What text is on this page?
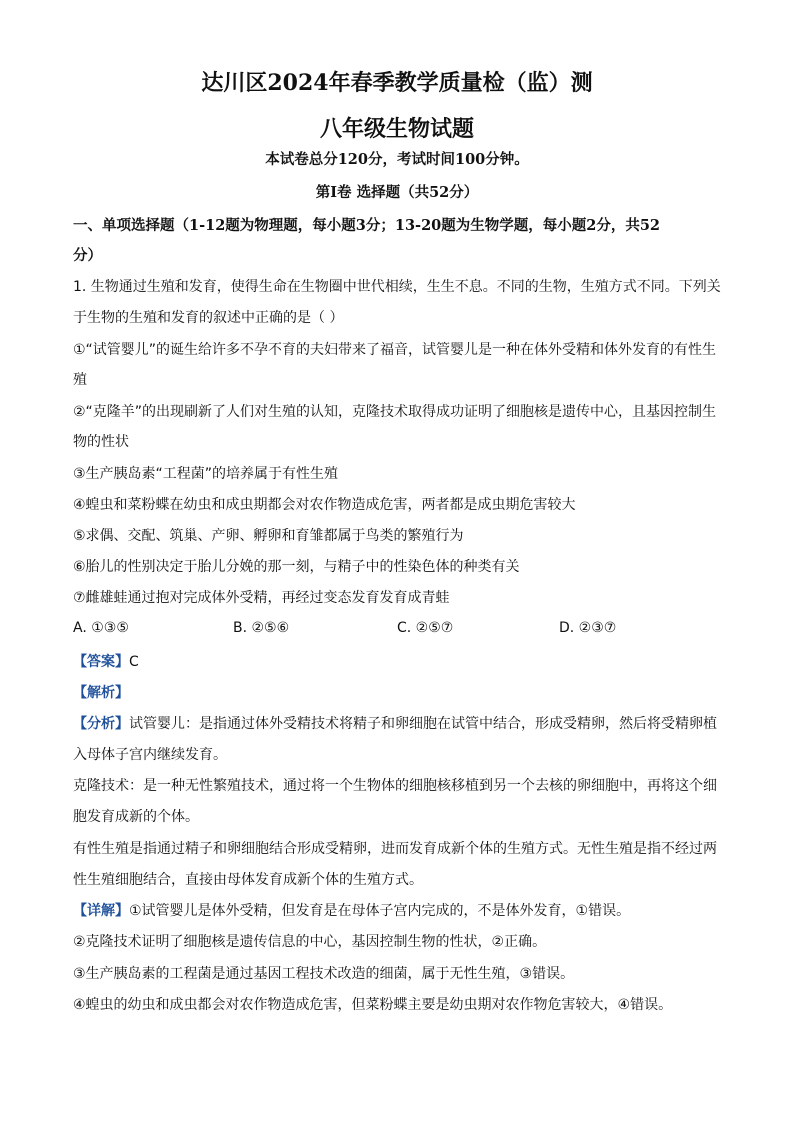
达川区2024年春季教学质量检（监）测
八年级生物试题
本试卷总分120分，考试时间100分钟。
第Ⅰ卷 选择题（共52分）
一、单项选择题（1-12题为物理题，每小题3分；13-20题为生物学题，每小题2分，共52
分）
1. 生物通过生殖和发育，使得生命在生物圈中世代相续，生生不息。不同的生物，生殖方式不同。下列关
于生物的生殖和发育的叙述中正确的是（ ）
①“试管婴儿”的诞生给许多不孕不育的夫妇带来了福音，试管婴儿是一种在体外受精和体外发育的有性生
殖
②“克隆羊”的出现刷新了人们对生殖的认知，克隆技术取得成功证明了细胞核是遗传中心，且基因控制生
物的性状
③生产胰岛素“工程菌”的培养属于有性生殖
④蝗虫和菜粉蝶在幼虫和成虫期都会对农作物造成危害，两者都是成虫期危害较大
⑤求偶、交配、筑巢、产卵、孵卵和育雏都属于鸟类的繁殖行为
⑥胎儿的性别决定于胎儿分娩的那一刻，与精子中的性染色体的种类有关
⑦雌雄蛙通过抱对完成体外受精，再经过变态发育发育成青蛙
A. ①③⑤	B. ②⑤⑥	C. ②⑤⑦	D. ②③⑦
【答案】C
【解析】
【分析】试管婴儿：是指通过体外受精技术将精子和卵细胞在试管中结合，形成受精卵，然后将受精卵植
入母体子宫内继续发育。
克隆技术：是一种无性繁殖技术，通过将一个生物体的细胞核移植到另一个去核的卵细胞中，再将这个细
胞发育成新的个体。
有性生殖是指通过精子和卵细胞结合形成受精卵，进而发育成新个体的生殖方式。无性生殖是指不经过两
性生殖细胞结合，直接由母体发育成新个体的生殖方式。
【详解】①试管婴儿是体外受精，但发育是在母体子宫内完成的，不是体外发育，①错误。
②克隆技术证明了细胞核是遗传信息的中心，基因控制生物的性状，②正确。
③生产胰岛素的工程菌是通过基因工程技术改造的细菌，属于无性生殖，③错误。
④蝗虫的幼虫和成虫都会对农作物造成危害，但菜粉蝶主要是幼虫期对农作物危害较大，④错误。
